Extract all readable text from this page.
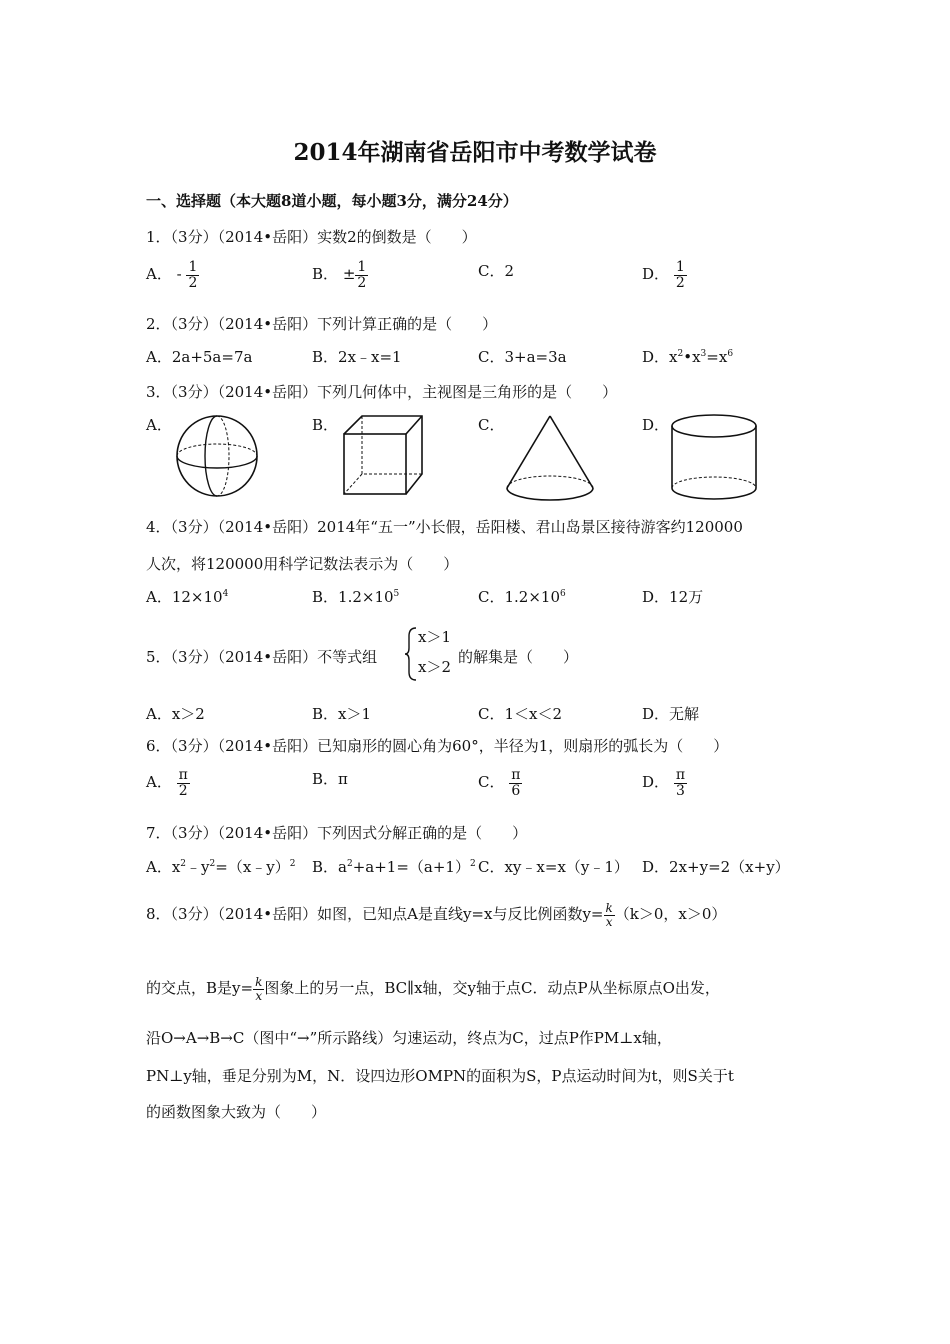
2014年湖南省岳阳市中考数学试卷
一、选择题（本大题8道小题，每小题3分，满分24分）
1．（3分）（2014•岳阳）实数2的倒数是（　　）
A． - $\frac{1}{2}$	B． ± $\frac{1}{2}$	C．2	D． $\frac{1}{2}$
2．（3分）（2014•岳阳）下列计算正确的是（　　）
A．2a+5a=7a	B．2x﹣x=1	C．3+a=3a	D．$x^2•x^3=x^6$
3．（3分）（2014•岳阳）下列几何体中，主视图是三角形的是（　　）
A．	B．	C．	D．
4．（3分）（2014•岳阳）2014年“五一”小长假，岳阳楼、君山岛景区接待游客约120000
人次，将120000用科学记数法表示为（　　）
A．$12\times 10^4$	B．$1.2\times 10^5$	C．$1.2\times 10^6$	D．12万
5．（3分）（2014•岳阳）不等式组
x＞1
x＞2
的解集是（　　）
A．x＞2	B．x＞1	C．1＜x＜2	D．无解
6．（3分）（2014•岳阳）已知扇形的圆心角为60°，半径为1，则扇形的弧长为（　　）
A． $\frac{\pi}{2}$	B．π	C． $\frac{\pi}{6}$	D． $\frac{\pi}{3}$
7．（3分）（2014•岳阳）下列因式分解正确的是（　　）
A．$x^2﹣y^2=(x﹣y)^2$ B．$a^2+a+1=(a+1)^2$ C．xy﹣x=x（y﹣1） D．2x+y=2（x+y）
8．（3分）（2014•岳阳）如图，已知点A是直线y=x与反比例函数$y= \frac{k}{x} (k>0$，x＞0）
的交点，B是$y= \frac{k}{x}$ 图象上的另一点，BC∥x轴，交y轴于点C．动点P从坐标原点O出发，
沿O→A→B→C（图中“→”所示路线）匀速运动，终点为C，过点P作PM⊥x轴，
PN⊥y轴，垂足分别为M，N．设四边形OMPN的面积为S，P点运动时间为t，则S关于t
的函数图象大致为（　　）
